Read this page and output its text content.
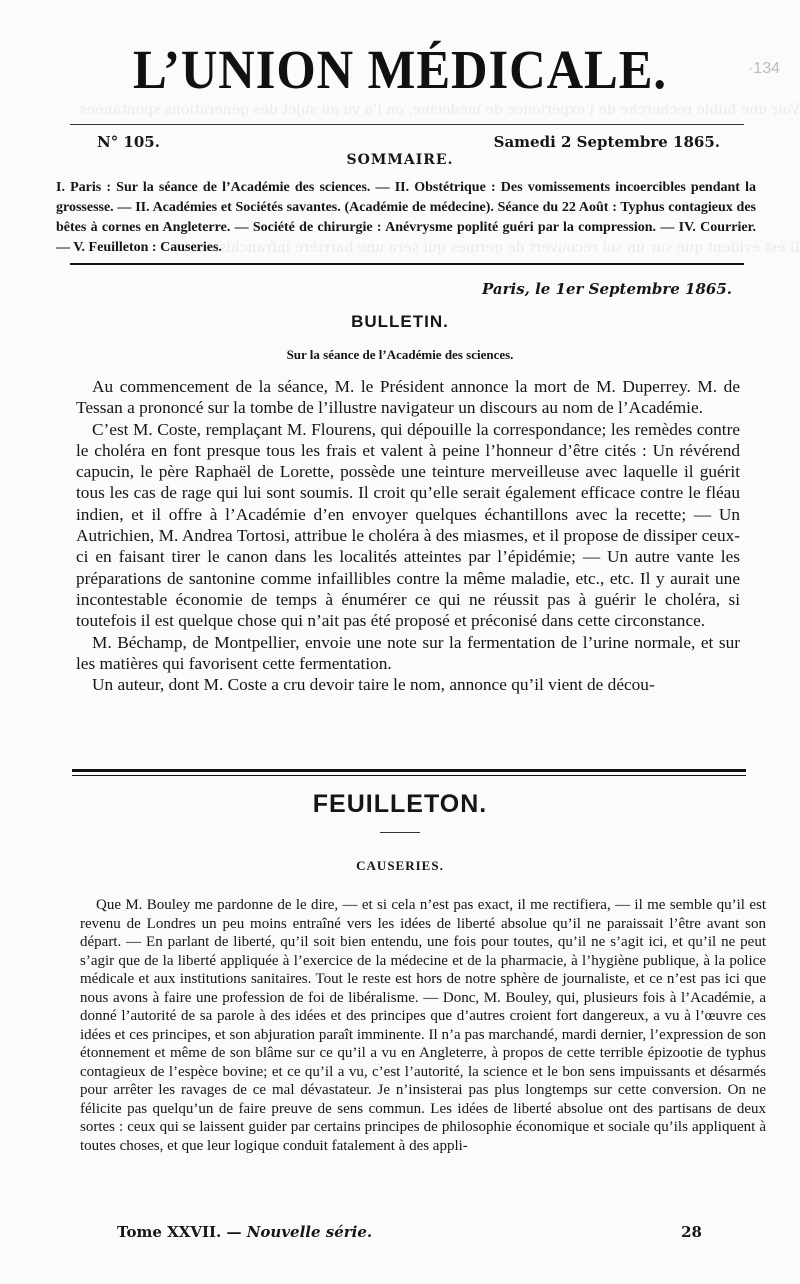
Voir une faible recherche de l’expérience de médecine, on l’a vu au sujet des générations spontanées
Il est évident que sur un sol recouvert de germes qui sera une barrière infranchissable
L’UNION MÉDICALE.	·134
N° 105.	Samedi 2 Septembre 1865.
SOMMAIRE.
I. Paris : Sur la séance de l’Académie des sciences. — II. Obstétrique : Des vomissements incoercibles pendant la grossesse. — II. Académies et Sociétés savantes. (Académie de médecine). Séance du 22 Août : Typhus contagieux des bêtes à cornes en Angleterre. — Société de chirurgie : Anévrysme poplité guéri par la compression. — IV. Courrier. — V. Feuilleton : Causeries.
Paris, le 1er Septembre 1865.
BULLETIN.
Sur la séance de l’Académie des sciences.

Au commencement de la séance, M. le Président annonce la mort de M. Duperrey. M. de Tessan a prononcé sur la tombe de l’illustre navigateur un discours au nom de l’Académie.

C’est M. Coste, remplaçant M. Flourens, qui dépouille la correspondance; les remèdes contre le choléra en font presque tous les frais et valent à peine l’honneur d’être cités : Un révérend capucin, le père Raphaël de Lorette, possède une teinture merveilleuse avec laquelle il guérit tous les cas de rage qui lui sont soumis. Il croit qu’elle serait également efficace contre le fléau indien, et il offre à l’Académie d’en envoyer quelques échantillons avec la recette; — Un Autrichien, M. Andrea Tortosi, attribue le choléra à des miasmes, et il propose de dissiper ceux-ci en faisant tirer le canon dans les localités atteintes par l’épidémie; — Un autre vante les préparations de santonine comme infaillibles contre la même maladie, etc., etc. Il y aurait une incontestable économie de temps à énumérer ce qui ne réussit pas à guérir le choléra, si toutefois il est quelque chose qui n’ait pas été proposé et préconisé dans cette circonstance.

M. Béchamp, de Montpellier, envoie une note sur la fermentation de l’urine normale, et sur les matières qui favorisent cette fermentation.

Un auteur, dont M. Coste a cru devoir taire le nom, annonce qu’il vient de décou-

FEUILLETON.
CAUSERIES.

Que M. Bouley me pardonne de le dire, — et si cela n’est pas exact, il me rectifiera, — il me semble qu’il est revenu de Londres un peu moins entraîné vers les idées de liberté absolue qu’il ne paraissait l’être avant son départ. — En parlant de liberté, qu’il soit bien entendu, une fois pour toutes, qu’il ne s’agit ici, et qu’il ne peut s’agir que de la liberté appliquée à l’exercice de la médecine et de la pharmacie, à l’hygiène publique, à la police médicale et aux institutions sanitaires. Tout le reste est hors de notre sphère de journaliste, et ce n’est pas ici que nous avons à faire une profession de foi de libéralisme. — Donc, M. Bouley, qui, plusieurs fois à l’Académie, a donné l’autorité de sa parole à des idées et des principes que d’autres croient fort dangereux, a vu à l’œuvre ces idées et ces principes, et son abjuration paraît imminente. Il n’a pas marchandé, mardi dernier, l’expression de son étonnement et même de son blâme sur ce qu’il a vu en Angleterre, à propos de cette terrible épizootie de typhus contagieux de l’espèce bovine; et ce qu’il a vu, c’est l’autorité, la science et le bon sens impuissants et désarmés pour arrêter les ravages de ce mal dévastateur. Je n’insisterai pas plus longtemps sur cette conversion. On ne félicite pas quelqu’un de faire preuve de sens commun. Les idées de liberté absolue ont des partisans de deux sortes : ceux qui se laissent guider par certains principes de philosophie économique et sociale qu’ils appliquent à toutes choses, et que leur logique conduit fatalement à des appli-

Tome XXVII. — Nouvelle série.	28
